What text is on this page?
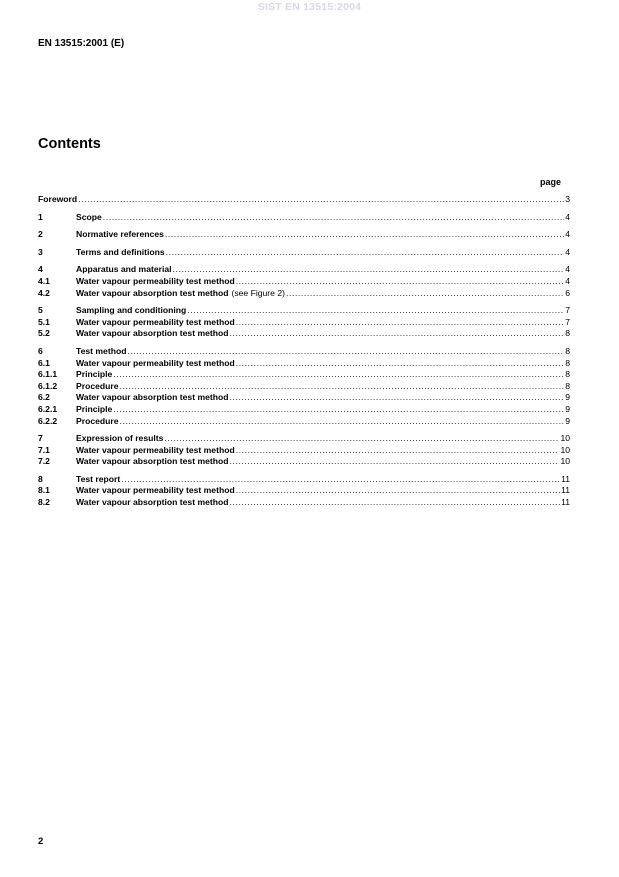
SIST EN 13515:2004
EN 13515:2001 (E)
Contents
page
Foreword .....	3
1	Scope .....	4
2	Normative references .....	4
3	Terms and definitions .....	4
4	Apparatus and material .....	4
4.1	Water vapour permeability test method .....	4
4.2	Water vapour absorption test method (see Figure 2) .....	6
5	Sampling and conditioning .....	7
5.1	Water vapour permeability test method .....	7
5.2	Water vapour absorption test method .....	8
6	Test method .....	8
6.1	Water vapour permeability test method .....	8
6.1.1	Principle .....	8
6.1.2	Procedure .....	8
6.2	Water vapour absorption test method .....	9
6.2.1	Principle .....	9
6.2.2	Procedure .....	9
7	Expression of results .....	10
7.1	Water vapour permeability test method .....	10
7.2	Water vapour absorption test method .....	10
8	Test report .....	11
8.1	Water vapour permeability test method .....	11
8.2	Water vapour absorption test method .....	11
2
